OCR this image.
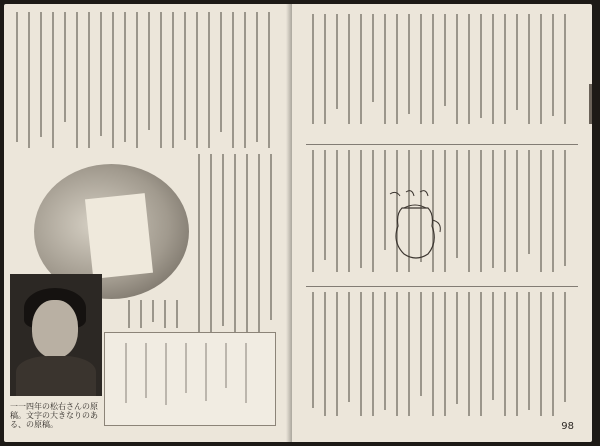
一一四年の松右さんの原稿。文字の大きなりのある、の原稿。	98
